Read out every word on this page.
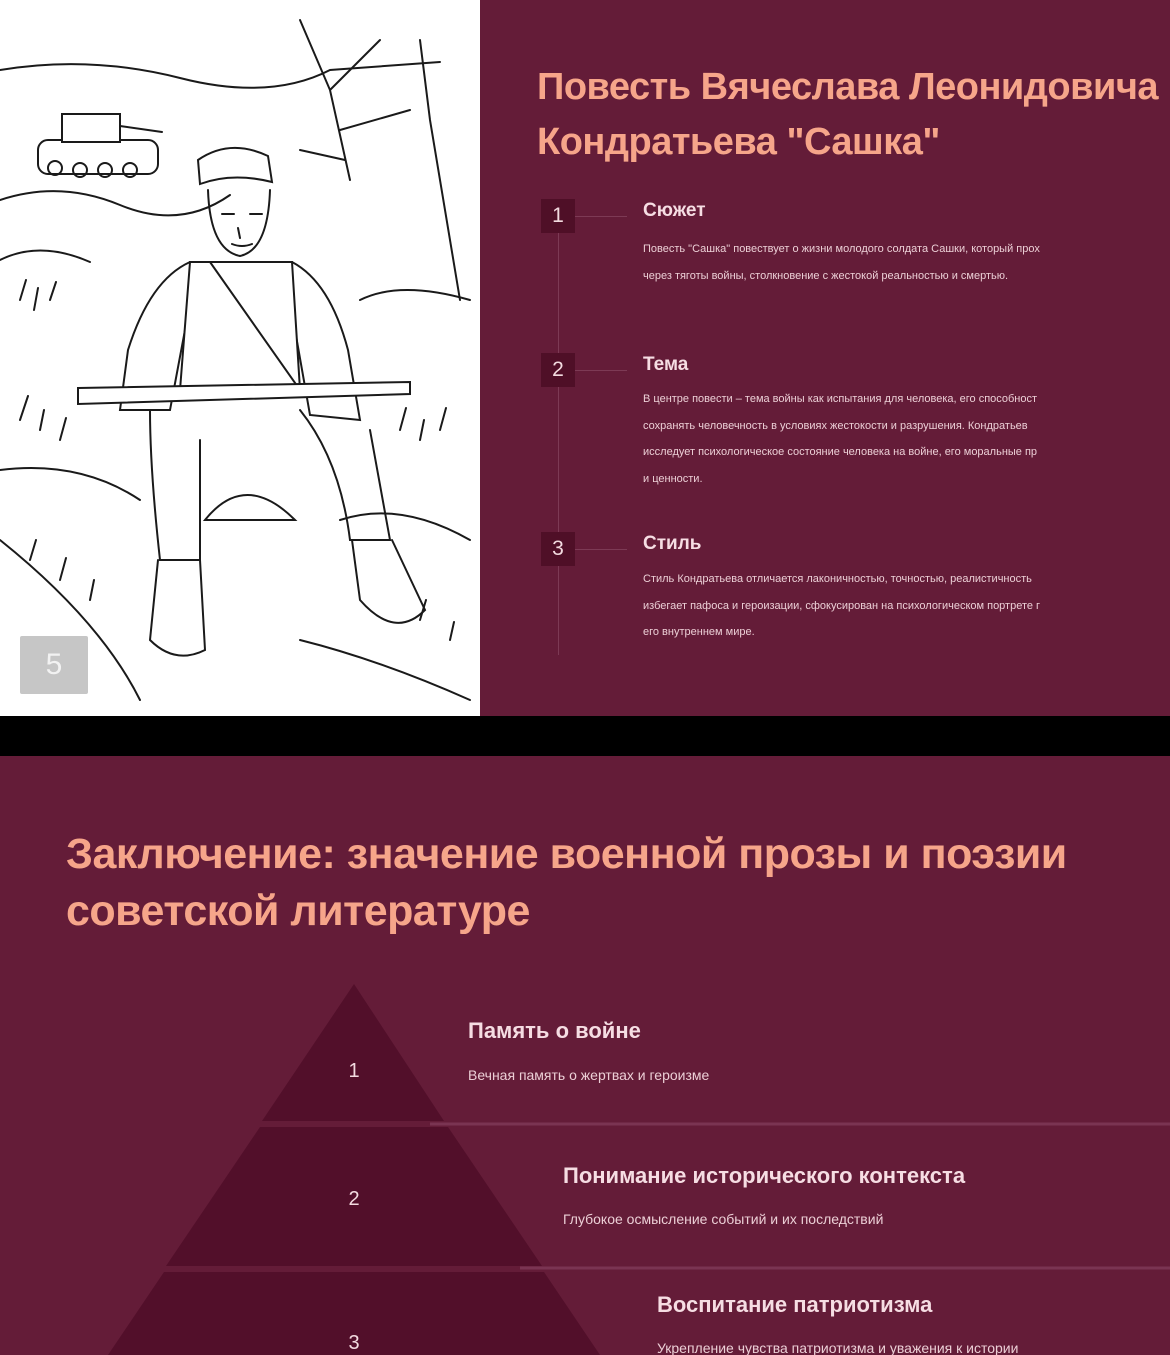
5
Повесть Вячеслава Леонидовича
Кондратьева "Сашка"
1	Сюжет
Повесть "Сашка" повествует о жизни молодого солдата Сашки, который прох
через тяготы войны, столкновение с жестокой реальностью и смертью.
2	Тема
В центре повести – тема войны как испытания для человека, его способност
сохранять человечность в условиях жестокости и разрушения. Кондратьев
исследует психологическое состояние человека на войне, его моральные пр
и ценности.
3	Стиль
Стиль Кондратьева отличается лаконичностью, точностью, реалистичность
избегает пафоса и героизации, сфокусирован на психологическом портрете г
его внутреннем мире.
Заключение: значение военной прозы и поэзии
советской литературе
1
2
3
Память о войне
Вечная память о жертвах и героизме
Понимание исторического контекста
Глубокое осмысление событий и их последствий
Воспитание патриотизма
Укрепление чувства патриотизма и уважения к истории
